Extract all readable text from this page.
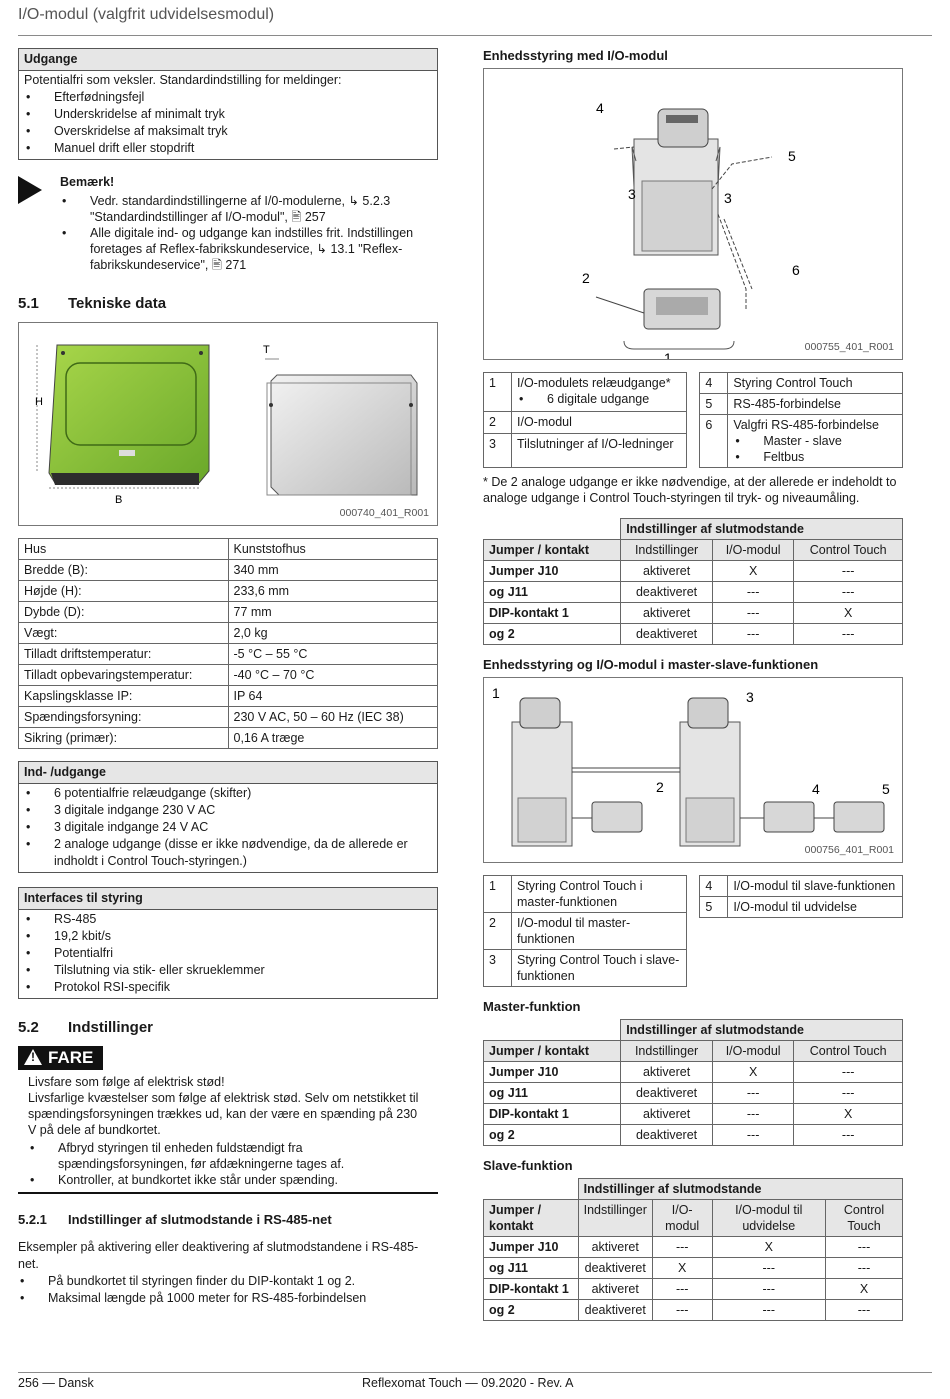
I/O-modul (valgfrit udvidelsesmodul)
Udgange
Potentialfri som veksler. Standardindstilling for meldinger:
•	Efterfødningsfejl
•	Underskridelse af minimalt tryk
•	Overskridelse af maksimalt tryk
•	Manuel drift eller stopdrift
Bemærk!
•	Vedr. standardindstillingerne af I/0-modulerne, ↳ 5.2.3 "Standardindstillinger af I/O-modul", 🖹 257
•	Alle digitale ind- og udgange kan indstilles frit. Indstillingen foretages af Reflex-fabrikskundeservice, ↳ 13.1 "Reflex-fabrikskundeservice", 🖹 271
5.1	Tekniske data
H
B
T
000740_401_R001
Hus	Kunststofhus
Bredde (B):	340 mm
Højde (H):	233,6 mm
Dybde (D):	77 mm
Vægt:	2,0 kg
Tilladt driftstemperatur:	-5 °C – 55 °C
Tilladt opbevaringstemperatur:	-40 °C – 70 °C
Kapslingsklasse IP:	IP 64
Spændingsforsyning:	230 V AC, 50 – 60 Hz (IEC 38)
Sikring (primær):	0,16 A træge
Ind- /udgange
•	6 potentialfrie relæudgange (skifter)
•	3 digitale indgange 230 V AC
•	3 digitale indgange 24 V AC
•	2 analoge udgange (disse er ikke nødvendige, da de allerede er indholdt i Control Touch-styringen.)
Interfaces til styring
•	RS-485
•	19,2 kbit/s
•	Potentialfri
•	Tilslutning via stik- eller skrueklemmer
•	Protokol RSI-specifik
5.2	Indstillinger
! FARE
Livsfare som følge af elektrisk stød!
Livsfarlige kvæstelser som følge af elektrisk stød. Selv om netstikket til spændingsforsyningen trækkes ud, kan der være en spænding på 230 V på dele af bundkortet.
•	Afbryd styringen til enheden fuldstændigt fra spændingsforsyningen, før afdækningerne tages af.
•	Kontroller, at bundkortet ikke står under spænding.
5.2.1	Indstillinger af slutmodstande i RS-485-net
Eksempler på aktivering eller deaktivering af slutmodstandene i RS-485-net.
•	På bundkortet til styringen finder du DIP-kontakt 1 og 2.
•	Maksimal længde på 1000 meter for RS-485-forbindelsen
Enhedsstyring med I/O-modul
4
5
3	3
6
2
1
000755_401_R001
1	I/O-modulets relæudgange*
• 6 digitale udgange

2	I/O-modul
3	Tilslutninger af I/O-ledninger
4	Styring Control Touch
5	RS-485-forbindelse
6	Valgfri RS-485-forbindelse
• Master - slave
• Feltbus
* De 2 analoge udgange er ikke nødvendige, at der allerede er indeholdt to analoge udgange i Control Touch-styringen til tryk- og niveaumåling.
	Indstillinger af slutmodstande		
Jumper / kontakt	Indstillinger	I/O-modul	Control Touch
Jumper J10	aktiveret	X	---
og J11	deaktiveret	---	---
DIP-kontakt 1	aktiveret	---	X
og 2	deaktiveret	---	---
Enhedsstyring og I/O-modul i master-slave-funktionen
1
2
3
4	5
000756_401_R001
1	Styring Control Touch i master-funktionen
2	I/O-modul til master-funktionen
3	Styring Control Touch i slave-funktionen
4	I/O-modul til slave-funktionen
5	I/O-modul til udvidelse
Master-funktion
	Indstillinger af slutmodstande		
Jumper / kontakt	Indstillinger	I/O-modul	Control Touch
Jumper J10	aktiveret	X	---
og J11	deaktiveret	---	---
DIP-kontakt 1	aktiveret	---	X
og 2	deaktiveret	---	---
Slave-funktion
	Indstillinger af slutmodstande			
Jumper / kontakt	Indstillinger	I/O-modul	I/O-modul til udvidelse	Control Touch
Jumper J10	aktiveret	---	X	---
og J11	deaktiveret	X	---	---
DIP-kontakt 1	aktiveret	---	---	X
og 2	deaktiveret	---	---	---
256 — Dansk	Reflexomat Touch — 09.2020 - Rev. A
